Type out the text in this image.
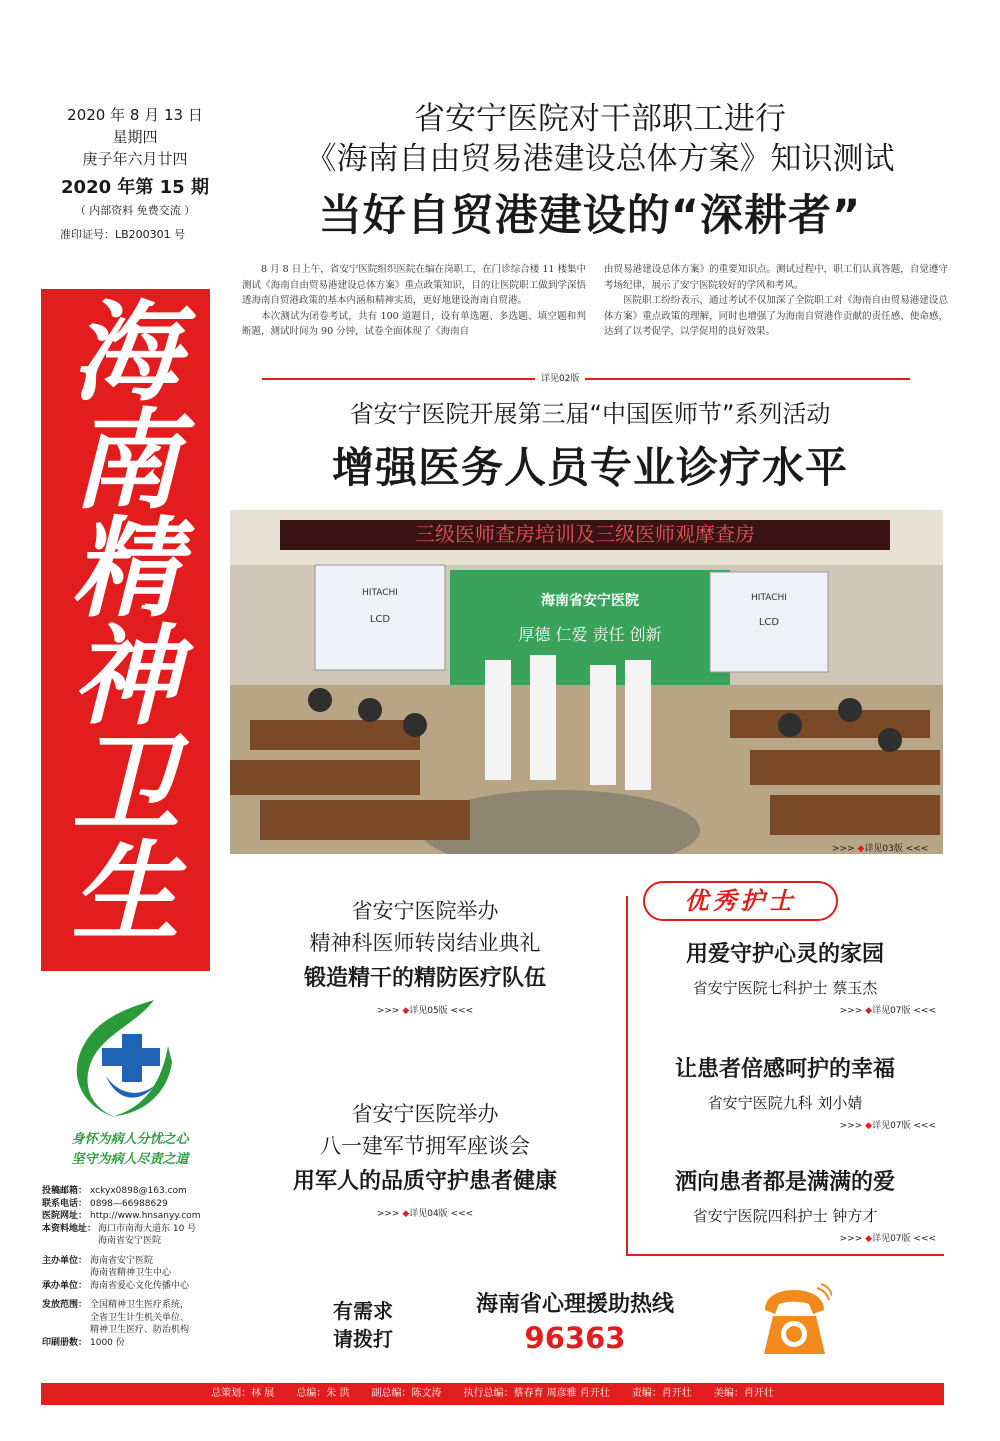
2020 年 8 月 13 日
星期四
庚子年六月廿四
2020 年第 15 期
（ 内部资料 免费交流 ）
准印证号：LB200301 号
海
南
精
神
卫
生
身怀为病人分忧之心
坚守为病人尽责之道
投稿邮箱： xckyx0898@163.com
联系电话： 0898—66988629
医院网址： http://www.hnsanyy.com
本资料地址： 海口市南海大道东 10 号
海南省安宁医院
主办单位： 海南省安宁医院
海南省精神卫生中心
承办单位： 海南省爱心文化传播中心
发放范围： 全国精神卫生医疗系统，
全省卫生计生机关单位、
精神卫生医疗、防治机构
印刷册数： 1000 份
省安宁医院对干部职工进行
《海南自由贸易港建设总体方案》知识测试
当好自贸港建设的“深耕者”

8 月 8 日上午，省安宁医院组织医院在编在岗职工，在门诊综合楼 11 楼集中测试《海南自由贸易港建设总体方案》重点政策知识，目的让医院职工做到学深悟透海南自贸港政策的基本内涵和精神实质，更好地建设海南自贸港。

本次测试为闭卷考试，共有 100 道题目，设有单选题、多选题、填空题和判断题，测试时间为 90 分钟，试卷全面体现了《海南自

由贸易港建设总体方案》的重要知识点。测试过程中，职工们认真答题，自觉遵守考场纪律，展示了安宁医院较好的学风和考风。

医院职工纷纷表示，通过考试不仅加深了全院职工对《海南自由贸易港建设总体方案》重点政策的理解，同时也增强了为海南自贸港作贡献的责任感、使命感，达到了以考促学，以学促用的良好效果。

详见02版
省安宁医院开展第三届“中国医师节”系列活动
增强医务人员专业诊疗水平
三级医师查房培训及三级医师观摩查房
海南省安宁医院
厚德 仁爱 责任 创新
HITACHI
LCD
HITACHI
LCD
>>> ◆详见03版 <<<
省安宁医院举办
精神科医师转岗结业典礼
锻造精干的精防医疗队伍
>>> ◆详见05版 <<<
省安宁医院举办
八一建军节拥军座谈会
用军人的品质守护患者健康
>>> ◆详见04版 <<<
优秀护士
用爱守护心灵的家园
省安宁医院七科护士 蔡玉杰
>>> ◆详见07版 <<<
让患者倍感呵护的幸福
省安宁医院九科 刘小婧
>>> ◆详见07版 <<<
洒向患者都是满满的爱
省安宁医院四科护士 钟方才
>>> ◆详见07版 <<<
有需求
请拨打
海南省心理援助热线
96363
总策划：林 展 总编：朱 洪 副总编：陈文涛 执行总编：蔡春育 周彦雅 肖开壮 责编：肖开壮 美编：肖开壮
